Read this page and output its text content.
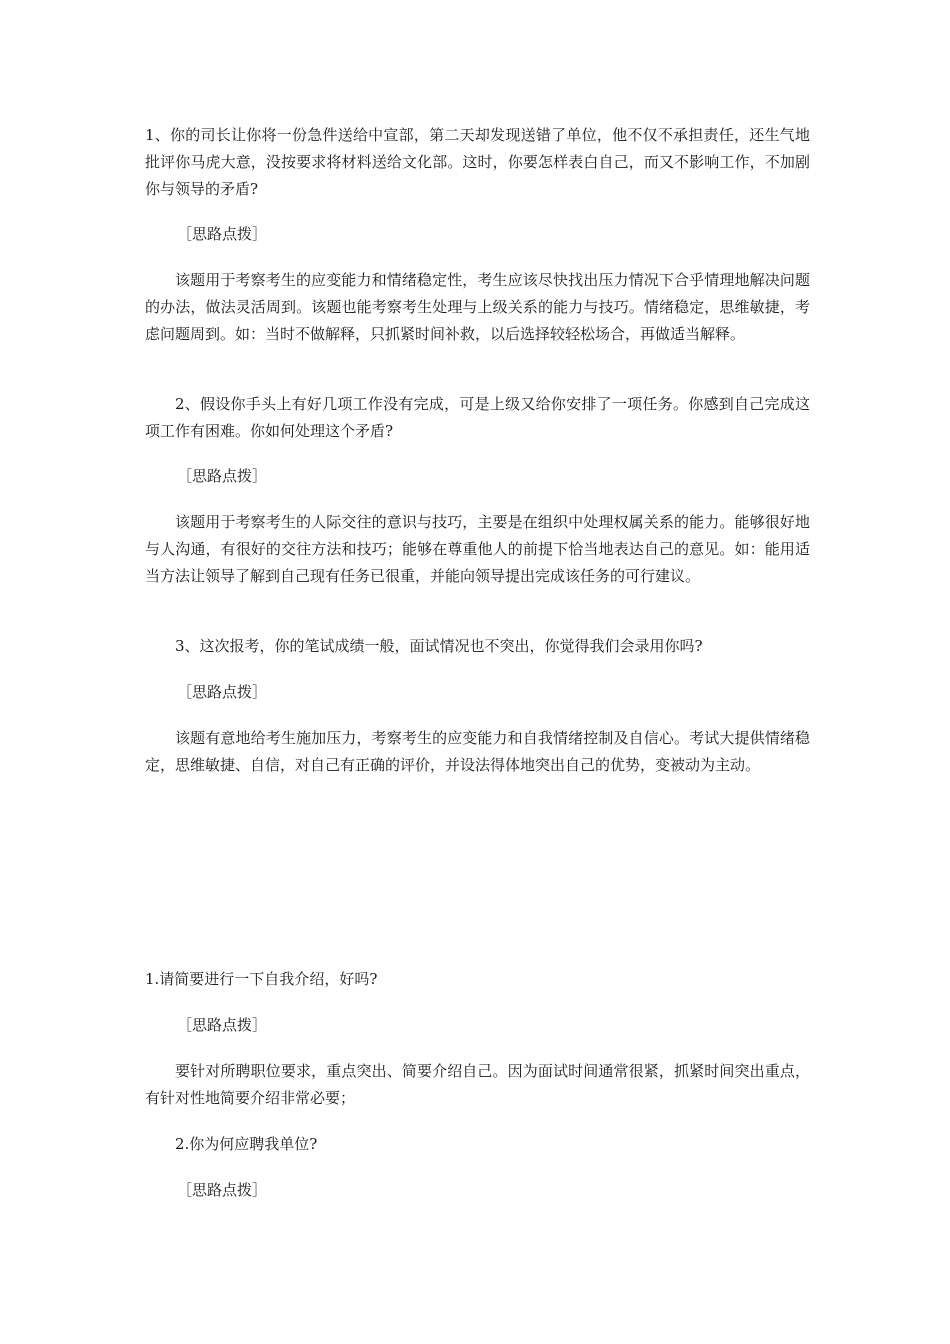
1、你的司长让你将一份急件送给中宣部，第二天却发现送错了单位，他不仅不承担责任，还生气地批评你马虎大意，没按要求将材料送给文化部。这时，你要怎样表白自己，而又不影响工作，不加剧你与领导的矛盾?

［思路点拨］

该题用于考察考生的应变能力和情绪稳定性，考生应该尽快找出压力情况下合乎情理地解决问题的办法，做法灵活周到。该题也能考察考生处理与上级关系的能力与技巧。情绪稳定，思维敏捷，考虑问题周到。如：当时不做解释，只抓紧时间补救，以后选择较轻松场合，再做适当解释。

2、假设你手头上有好几项工作没有完成，可是上级又给你安排了一项任务。你感到自己完成这项工作有困难。你如何处理这个矛盾?

［思路点拨］

该题用于考察考生的人际交往的意识与技巧，主要是在组织中处理权属关系的能力。能够很好地与人沟通，有很好的交往方法和技巧；能够在尊重他人的前提下恰当地表达自己的意见。如：能用适当方法让领导了解到自己现有任务已很重，并能向领导提出完成该任务的可行建议。

3、这次报考，你的笔试成绩一般，面试情况也不突出，你觉得我们会录用你吗?

［思路点拨］

该题有意地给考生施加压力，考察考生的应变能力和自我情绪控制及自信心。考试大提供情绪稳定，思维敏捷、自信，对自己有正确的评价，并设法得体地突出自己的优势，变被动为主动。

1.请简要进行一下自我介绍，好吗?

［思路点拨］

要针对所聘职位要求，重点突出、简要介绍自己。因为面试时间通常很紧，抓紧时间突出重点，有针对性地简要介绍非常必要；

2.你为何应聘我单位?

［思路点拨］
